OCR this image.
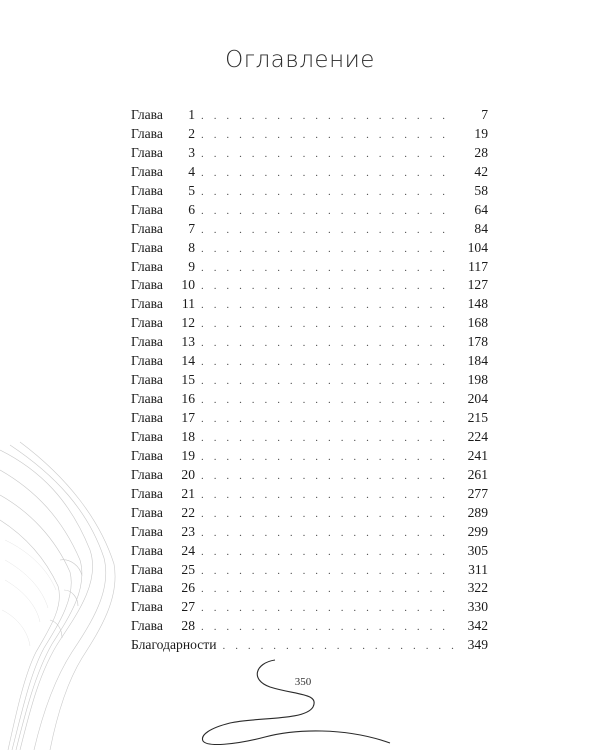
Оглавление
Глава 1 . . .	7
Глава 2 . . .	19
Глава 3 . . .	28
Глава 4 . . .	42
Глава 5 . . .	58
Глава 6 . . .	64
Глава 7 . . .	84
Глава 8 . . .	104
Глава 9 . . .	117
Глава 10 . . .	127
Глава 11 . . .	148
Глава 12 . . .	168
Глава 13 . . .	178
Глава 14 . . .	184
Глава 15 . . .	198
Глава 16 . . .	204
Глава 17 . . .	215
Глава 18 . . .	224
Глава 19 . . .	241
Глава 20 . . .	261
Глава 21 . . .	277
Глава 22 . . .	289
Глава 23 . . .	299
Глава 24 . . .	305
Глава 25 . . .	311
Глава 26 . . .	322
Глава 27 . . .	330
Глава 28 . . .	342
Благодарности . . .	349
350
